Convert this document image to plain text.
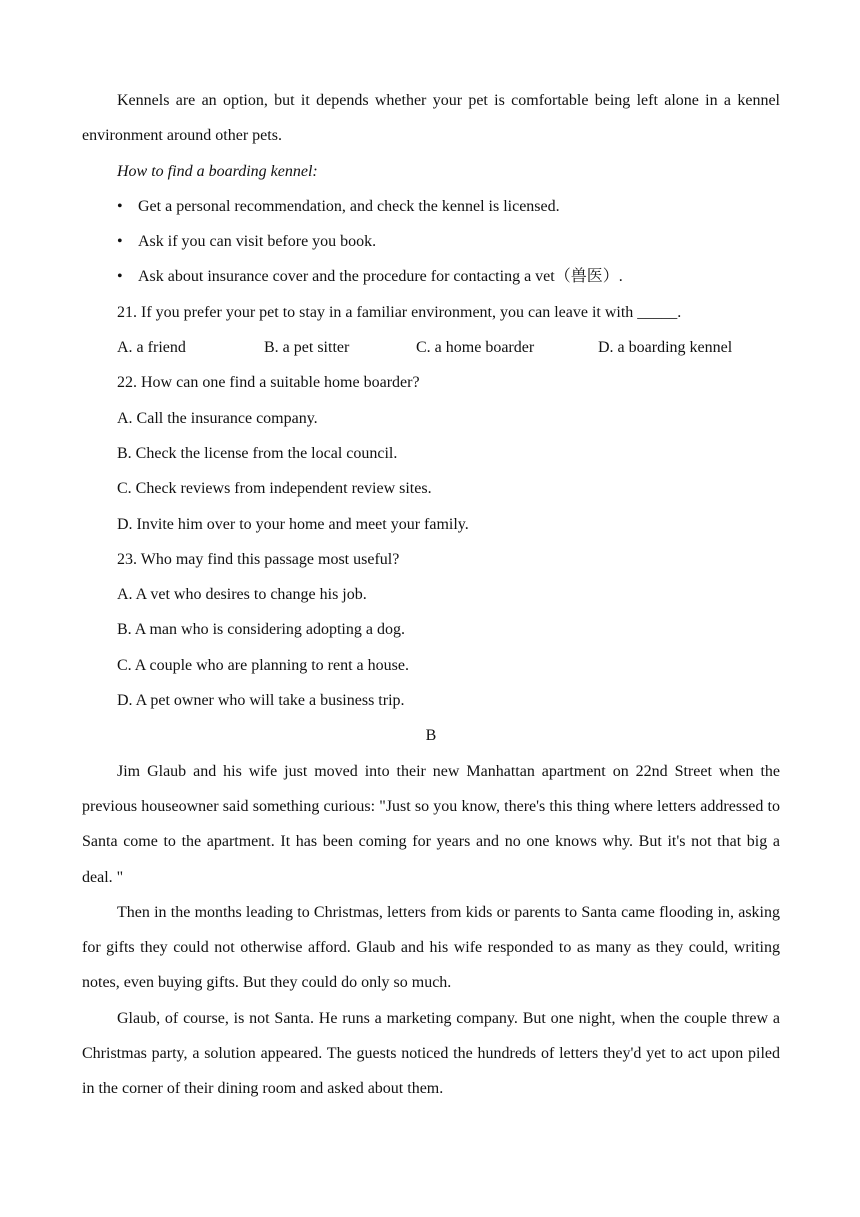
Kennels are an option, but it depends whether your pet is comfortable being left alone in a kennel environment around other pets.

How to find a boarding kennel:
• Get a personal recommendation, and check the kennel is licensed.
• Ask if you can visit before you book.
• Ask about insurance cover and the procedure for contacting a vet（兽医）.
21. If you prefer your pet to stay in a familiar environment, you can leave it with _____.
A. a friend	B. a pet sitter	C. a home boarder	D. a boarding kennel
22. How can one find a suitable home boarder?
A. Call the insurance company.
B. Check the license from the local council.
C. Check reviews from independent review sites.
D. Invite him over to your home and meet your family.
23. Who may find this passage most useful?
A. A vet who desires to change his job.
B. A man who is considering adopting a dog.
C. A couple who are planning to rent a house.
D. A pet owner who will take a business trip.
B

Jim Glaub and his wife just moved into their new Manhattan apartment on 22nd Street when the previous houseowner said something curious: "Just so you know, there's this thing where letters addressed to Santa come to the apartment. It has been coming for years and no one knows why. But it's not that big a deal. "

Then in the months leading to Christmas, letters from kids or parents to Santa came flooding in, asking for gifts they could not otherwise afford. Glaub and his wife responded to as many as they could, writing notes, even buying gifts. But they could do only so much.

Glaub, of course, is not Santa. He runs a marketing company. But one night, when the couple threw a Christmas party, a solution appeared. The guests noticed the hundreds of letters they'd yet to act upon piled in the corner of their dining room and asked about them.
